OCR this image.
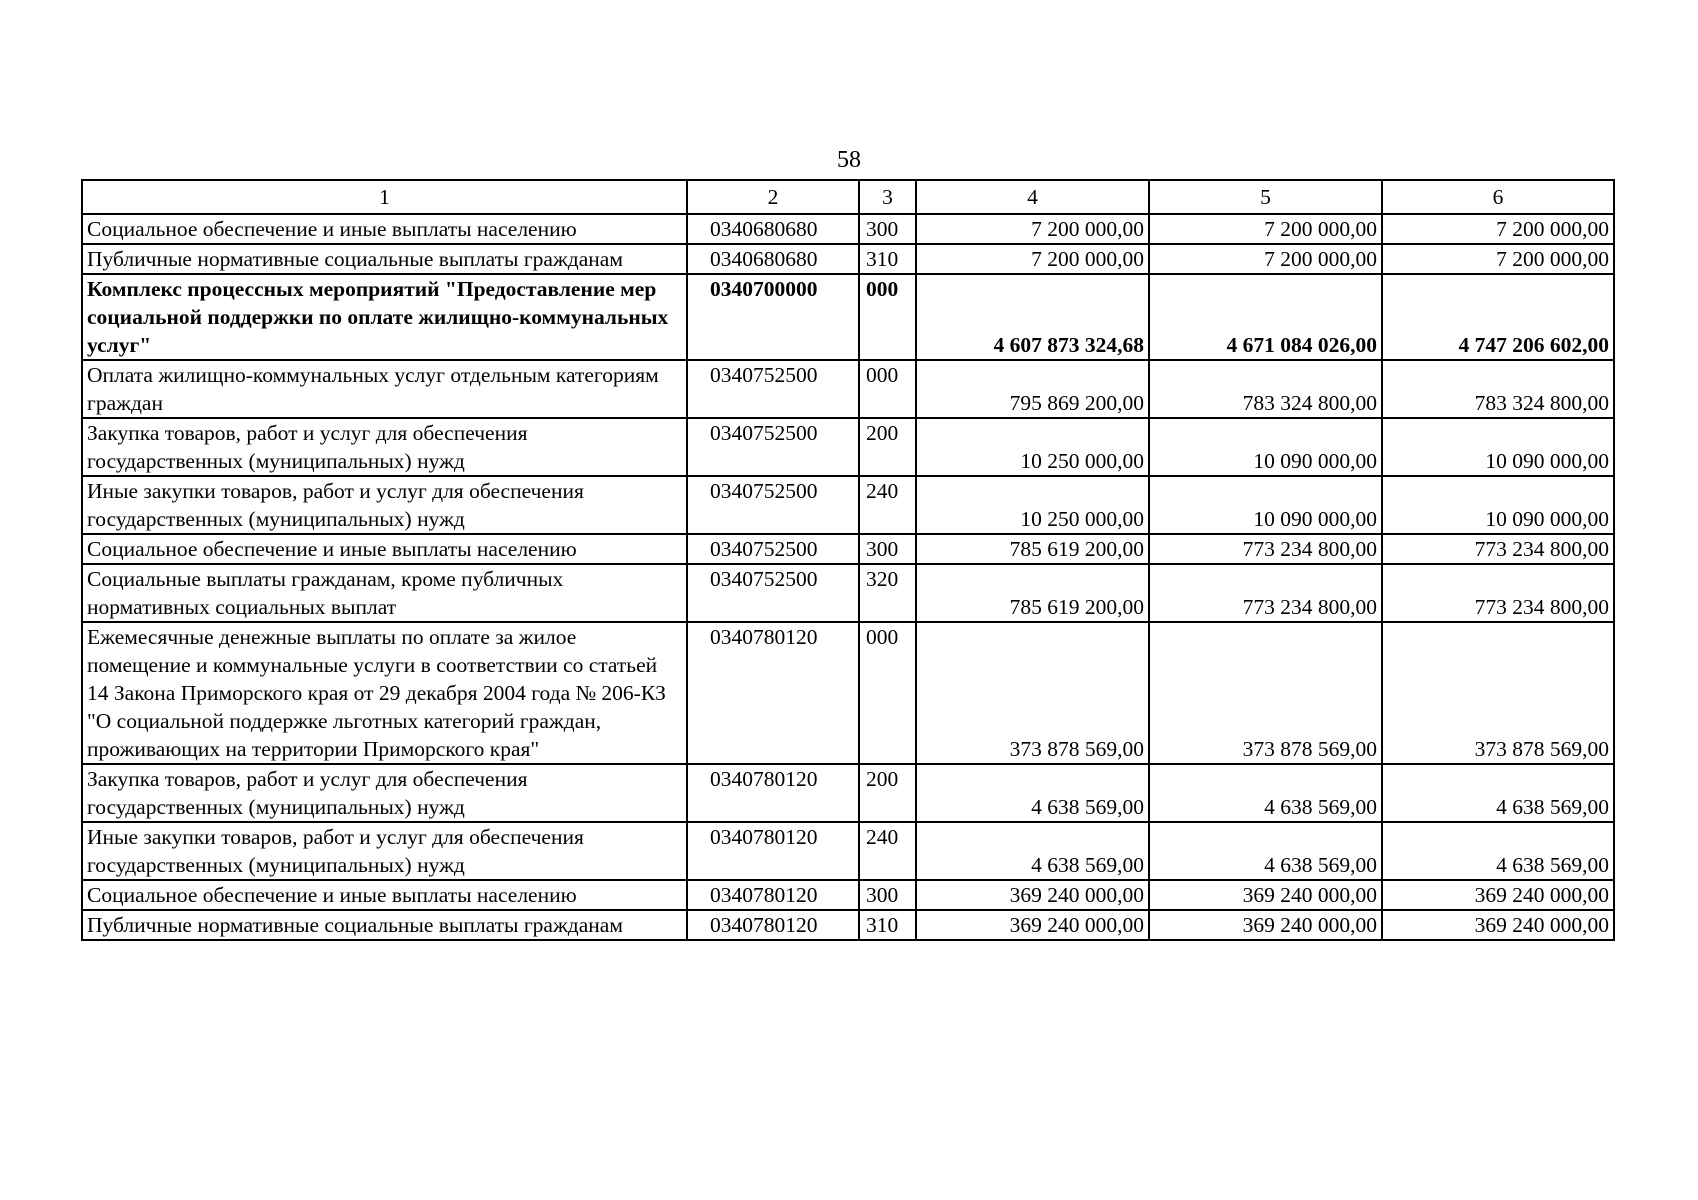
58
1	2	3	4	5	6
Социальное обеспечение и иные выплаты населению	0340680680	300	7 200 000,00	7 200 000,00	7 200 000,00
Публичные нормативные социальные выплаты гражданам	0340680680	310	7 200 000,00	7 200 000,00	7 200 000,00
Комплекс процессных мероприятий "Предоставление мер социальной поддержки по оплате жилищно-коммунальных услуг"	0340700000	000	4 607 873 324,68	4 671 084 026,00	4 747 206 602,00
Оплата жилищно-коммунальных услуг отдельным категориям граждан	0340752500	000	795 869 200,00	783 324 800,00	783 324 800,00
Закупка товаров, работ и услуг для обеспечения государственных (муниципальных) нужд	0340752500	200	10 250 000,00	10 090 000,00	10 090 000,00
Иные закупки товаров, работ и услуг для обеспечения государственных (муниципальных) нужд	0340752500	240	10 250 000,00	10 090 000,00	10 090 000,00
Социальное обеспечение и иные выплаты населению	0340752500	300	785 619 200,00	773 234 800,00	773 234 800,00
Социальные выплаты гражданам, кроме публичных нормативных социальных выплат	0340752500	320	785 619 200,00	773 234 800,00	773 234 800,00
Ежемесячные денежные выплаты по оплате за жилое помещение и коммунальные услуги в соответствии со статьей 14 Закона Приморского края от 29 декабря 2004 года № 206-КЗ "О социальной поддержке льготных категорий граждан, проживающих на территории Приморского края"	0340780120	000	373 878 569,00	373 878 569,00	373 878 569,00
Закупка товаров, работ и услуг для обеспечения государственных (муниципальных) нужд	0340780120	200	4 638 569,00	4 638 569,00	4 638 569,00
Иные закупки товаров, работ и услуг для обеспечения государственных (муниципальных) нужд	0340780120	240	4 638 569,00	4 638 569,00	4 638 569,00
Социальное обеспечение и иные выплаты населению	0340780120	300	369 240 000,00	369 240 000,00	369 240 000,00
Публичные нормативные социальные выплаты гражданам	0340780120	310	369 240 000,00	369 240 000,00	369 240 000,00
